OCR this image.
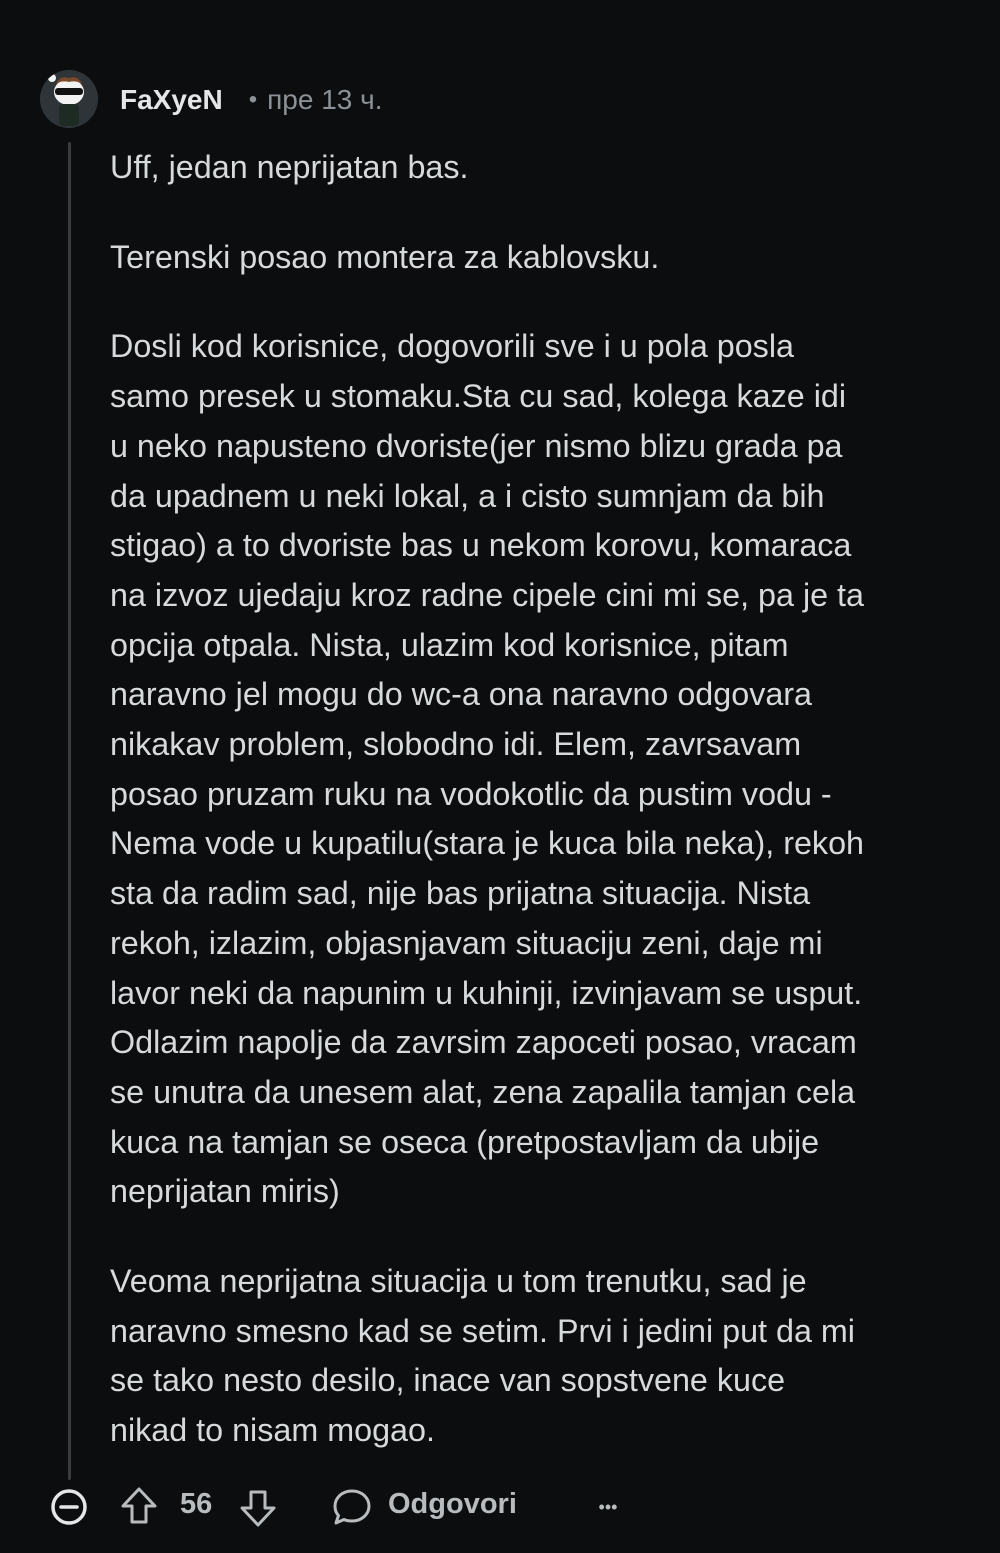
FaXyeN • пре 13 ч.

Uff, jedan neprijatan bas.

Terenski posao montera za kablovsku.

Dosli kod korisnice, dogovorili sve i u pola posla
samo presek u stomaku.Sta cu sad, kolega kaze idi
u neko napusteno dvoriste(jer nismo blizu grada pa
da upadnem u neki lokal, a i cisto sumnjam da bih
stigao) a to dvoriste bas u nekom korovu, komaraca
na izvoz ujedaju kroz radne cipele cini mi se, pa je ta
opcija otpala. Nista, ulazim kod korisnice, pitam
naravno jel mogu do wc-a ona naravno odgovara
nikakav problem, slobodno idi. Elem, zavrsavam
posao pruzam ruku na vodokotlic da pustim vodu -
Nema vode u kupatilu(stara je kuca bila neka), rekoh
sta da radim sad, nije bas prijatna situacija. Nista
rekoh, izlazim, objasnjavam situaciju zeni, daje mi
lavor neki da napunim u kuhinji, izvinjavam se usput.
Odlazim napolje da zavrsim zapoceti posao, vracam
se unutra da unesem alat, zena zapalila tamjan cela
kuca na tamjan se oseca (pretpostavljam da ubije
neprijatan miris)

Veoma neprijatna situacija u tom trenutku, sad je
naravno smesno kad se setim. Prvi i jedini put da mi
se tako nesto desilo, inace van sopstvene kuce
nikad to nisam mogao.

56	Odgovori	•••
